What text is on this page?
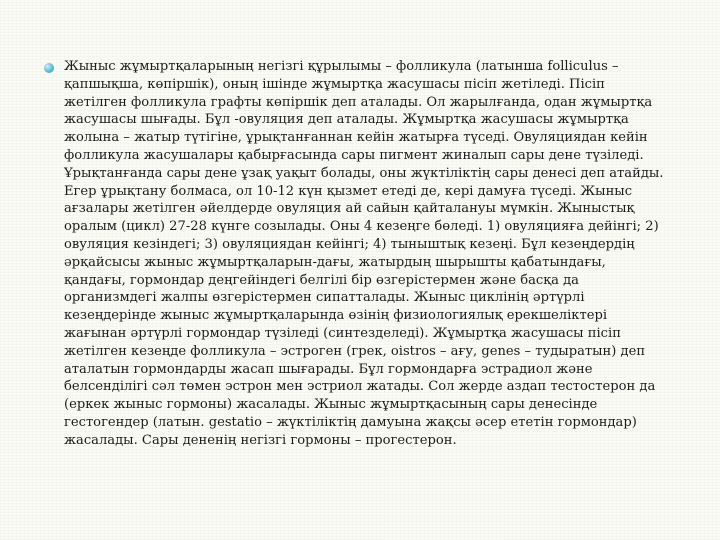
Жыныс жұмыртқаларының негізгі құрылымы – фолликула (латынша folliculus – қапшықша, көпіршік), оның ішінде жұмыртқа жасушасы пісіп жетіледі. Пісіп жетілген фолликула графты көпіршік деп аталады. Ол жарылғанда, одан жұмыртқа жасушасы шығады. Бұл -овуляция деп аталады. Жұмыртқа жасушасы жұмыртқа жолына – жатыр түтігіне, ұрықтанғаннан кейін жатырға түседі. Овуляциядан кейін фолликула жасушалары қабырғасында сары пигмент жиналып сары дене түзіледі. Ұрықтанғанда сары дене ұзақ уақыт болады, оны жүктіліктің сары денесі деп атайды. Егер ұрықтану болмаса, ол 10-12 күн қызмет етеді де, кері дамуға түседі. Жыныс ағзалары жетілген әйелдерде овуляция ай сайын қайталануы мүмкін. Жыныстық оралым (цикл) 27-28 күнге созылады. Оны 4 кезеңге бөледі. 1) овуляцияға дейінгі; 2) овуляция кезіндегі; 3) овуляциядан кейінгі; 4) тыныштық кезеңі. Бұл кезеңдердің әрқайсысы жыныс жұмыртқаларын-дағы, жатырдың шырышты қабатындағы, қандағы, гормондар деңгейіндегі белгілі бір өзгерістермен және басқа да организмдегі жалпы өзгерістермен сипатталады. Жыныс циклінің әртүрлі кезеңдерінде жыныс жұмыртқаларында өзінің физиологиялық ерекшеліктері жағынан әртүрлі гормондар түзіледі (синтезделеді). Жұмыртқа жасушасы пісіп жетілген кезеңде фолликула – эстроген (грек, oistros – ағу, genes – тудыратын) деп аталатын гормондарды жасап шығарады. Бұл гормондарға эстрадиол және белсенділігі сәл төмен эстрон мен эстриол жатады. Сол жерде аздап тестостерон да (еркек жыныс гормоны) жасалады. Жыныс жұмыртқасының сары денесінде гестогендер (латын. gestatio – жүктіліктің дамуына жақсы әсер ететін гормондар) жасалады. Сары дененің негізгі гормоны – прогестерон.
